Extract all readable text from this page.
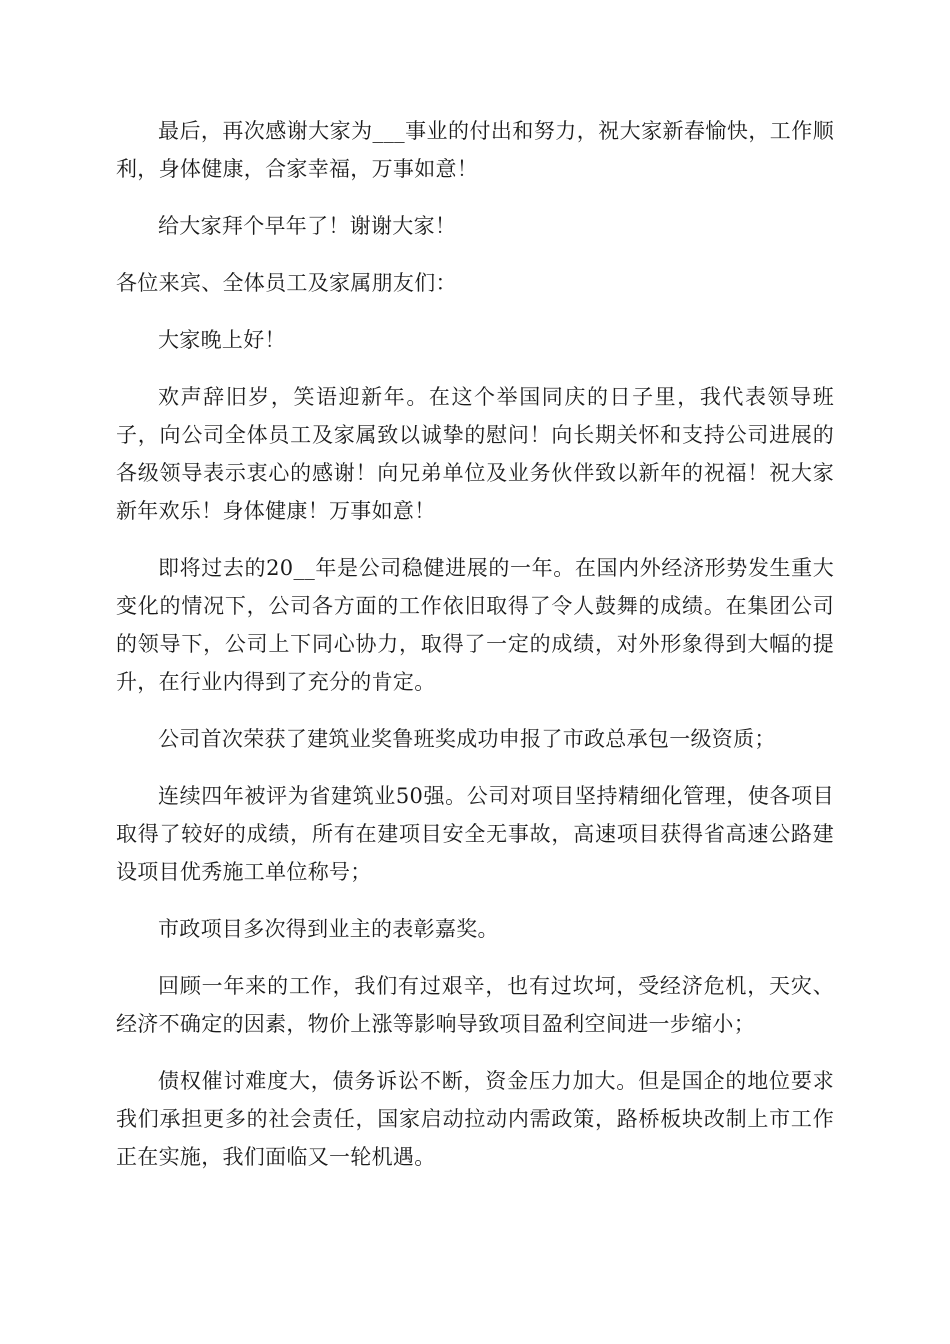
最后，再次感谢大家为___事业的付出和努力，祝大家新春愉快，工作顺利，身体健康，合家幸福，万事如意！

给大家拜个早年了！谢谢大家！

各位来宾、全体员工及家属朋友们：

大家晚上好！

欢声辞旧岁，笑语迎新年。在这个举国同庆的日子里，我代表领导班子，向公司全体员工及家属致以诚挚的慰问！向长期关怀和支持公司进展的各级领导表示衷心的感谢！向兄弟单位及业务伙伴致以新年的祝福！祝大家新年欢乐！身体健康！万事如意！

即将过去的20__年是公司稳健进展的一年。在国内外经济形势发生重大变化的情况下，公司各方面的工作依旧取得了令人鼓舞的成绩。在集团公司的领导下，公司上下同心协力，取得了一定的成绩，对外形象得到大幅的提升，在行业内得到了充分的肯定。

公司首次荣获了建筑业奖鲁班奖成功申报了市政总承包一级资质；

连续四年被评为省建筑业50强。公司对项目坚持精细化管理，使各项目取得了较好的成绩，所有在建项目安全无事故，高速项目获得省高速公路建设项目优秀施工单位称号；

市政项目多次得到业主的表彰嘉奖。

回顾一年来的工作，我们有过艰辛，也有过坎坷，受经济危机，天灾、经济不确定的因素，物价上涨等影响导致项目盈利空间进一步缩小；

债权催讨难度大，债务诉讼不断，资金压力加大。但是国企的地位要求我们承担更多的社会责任，国家启动拉动内需政策，路桥板块改制上市工作正在实施，我们面临又一轮机遇。
